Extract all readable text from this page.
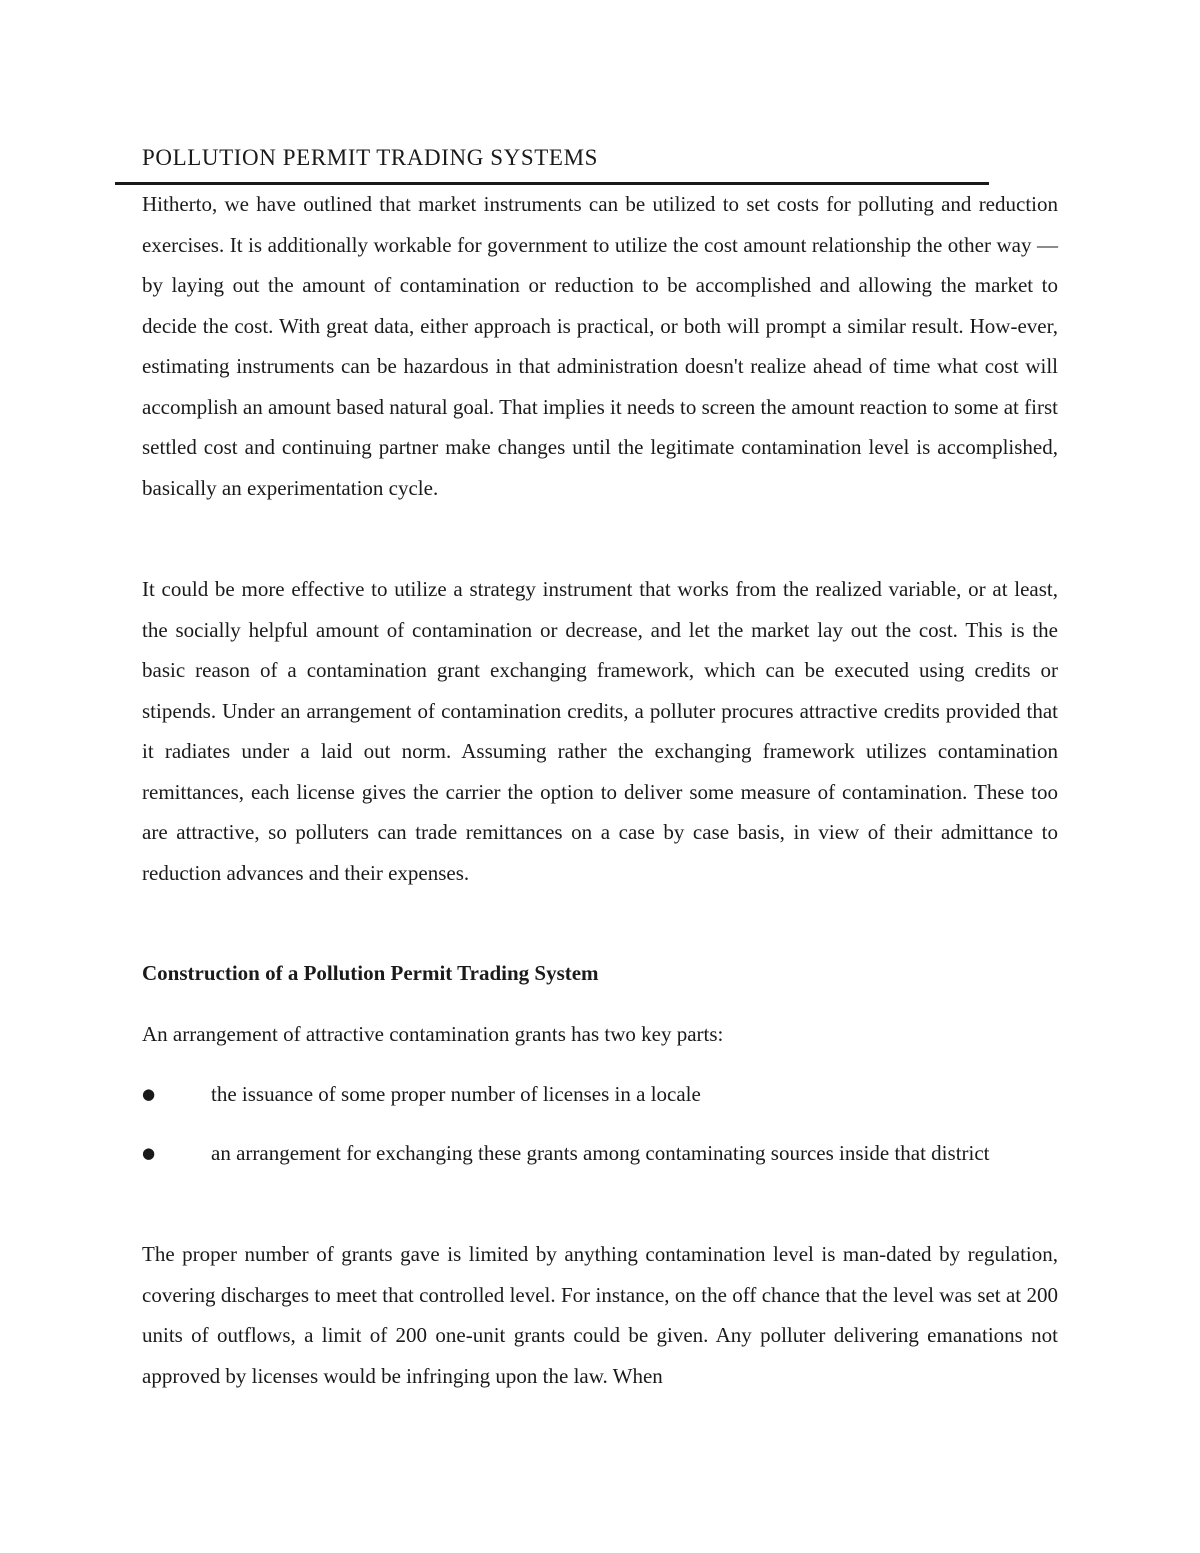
POLLUTION PERMIT TRADING SYSTEMS

Hitherto, we have outlined that market instruments can be utilized to set costs for polluting and reduction exercises. It is additionally workable for government to utilize the cost amount relationship the other way — by laying out the amount of contamination or reduction to be accomplished and allowing the market to decide the cost. With great data, either approach is practical, or both will prompt a similar result. How-ever, estimating instruments can be hazardous in that administration doesn't realize ahead of time what cost will accomplish an amount based natural goal. That implies it needs to screen the amount reaction to some at first settled cost and continuing partner make changes until the legitimate contamination level is accomplished, basically an experimentation cycle.

It could be more effective to utilize a strategy instrument that works from the realized variable, or at least, the socially helpful amount of contamination or decrease, and let the market lay out the cost. This is the basic reason of a contamination grant exchanging framework, which can be executed using credits or stipends. Under an arrangement of contamination credits, a polluter procures attractive credits provided that it radiates under a laid out norm. Assuming rather the exchanging framework utilizes contamination remittances, each license gives the carrier the option to deliver some measure of contamination. These too are attractive, so polluters can trade remittances on a case by case basis, in view of their admittance to reduction advances and their expenses.

Construction of a Pollution Permit Trading System

An arrangement of attractive contamination grants has two key parts:

●	the issuance of some proper number of licenses in a locale

●	an arrangement for exchanging these grants among contaminating sources inside that district

The proper number of grants gave is limited by anything contamination level is man-dated by regulation, covering discharges to meet that controlled level. For instance, on the off chance that the level was set at 200 units of outflows, a limit of 200 one-unit grants could be given. Any polluter delivering emanations not approved by licenses would be infringing upon the law. When
